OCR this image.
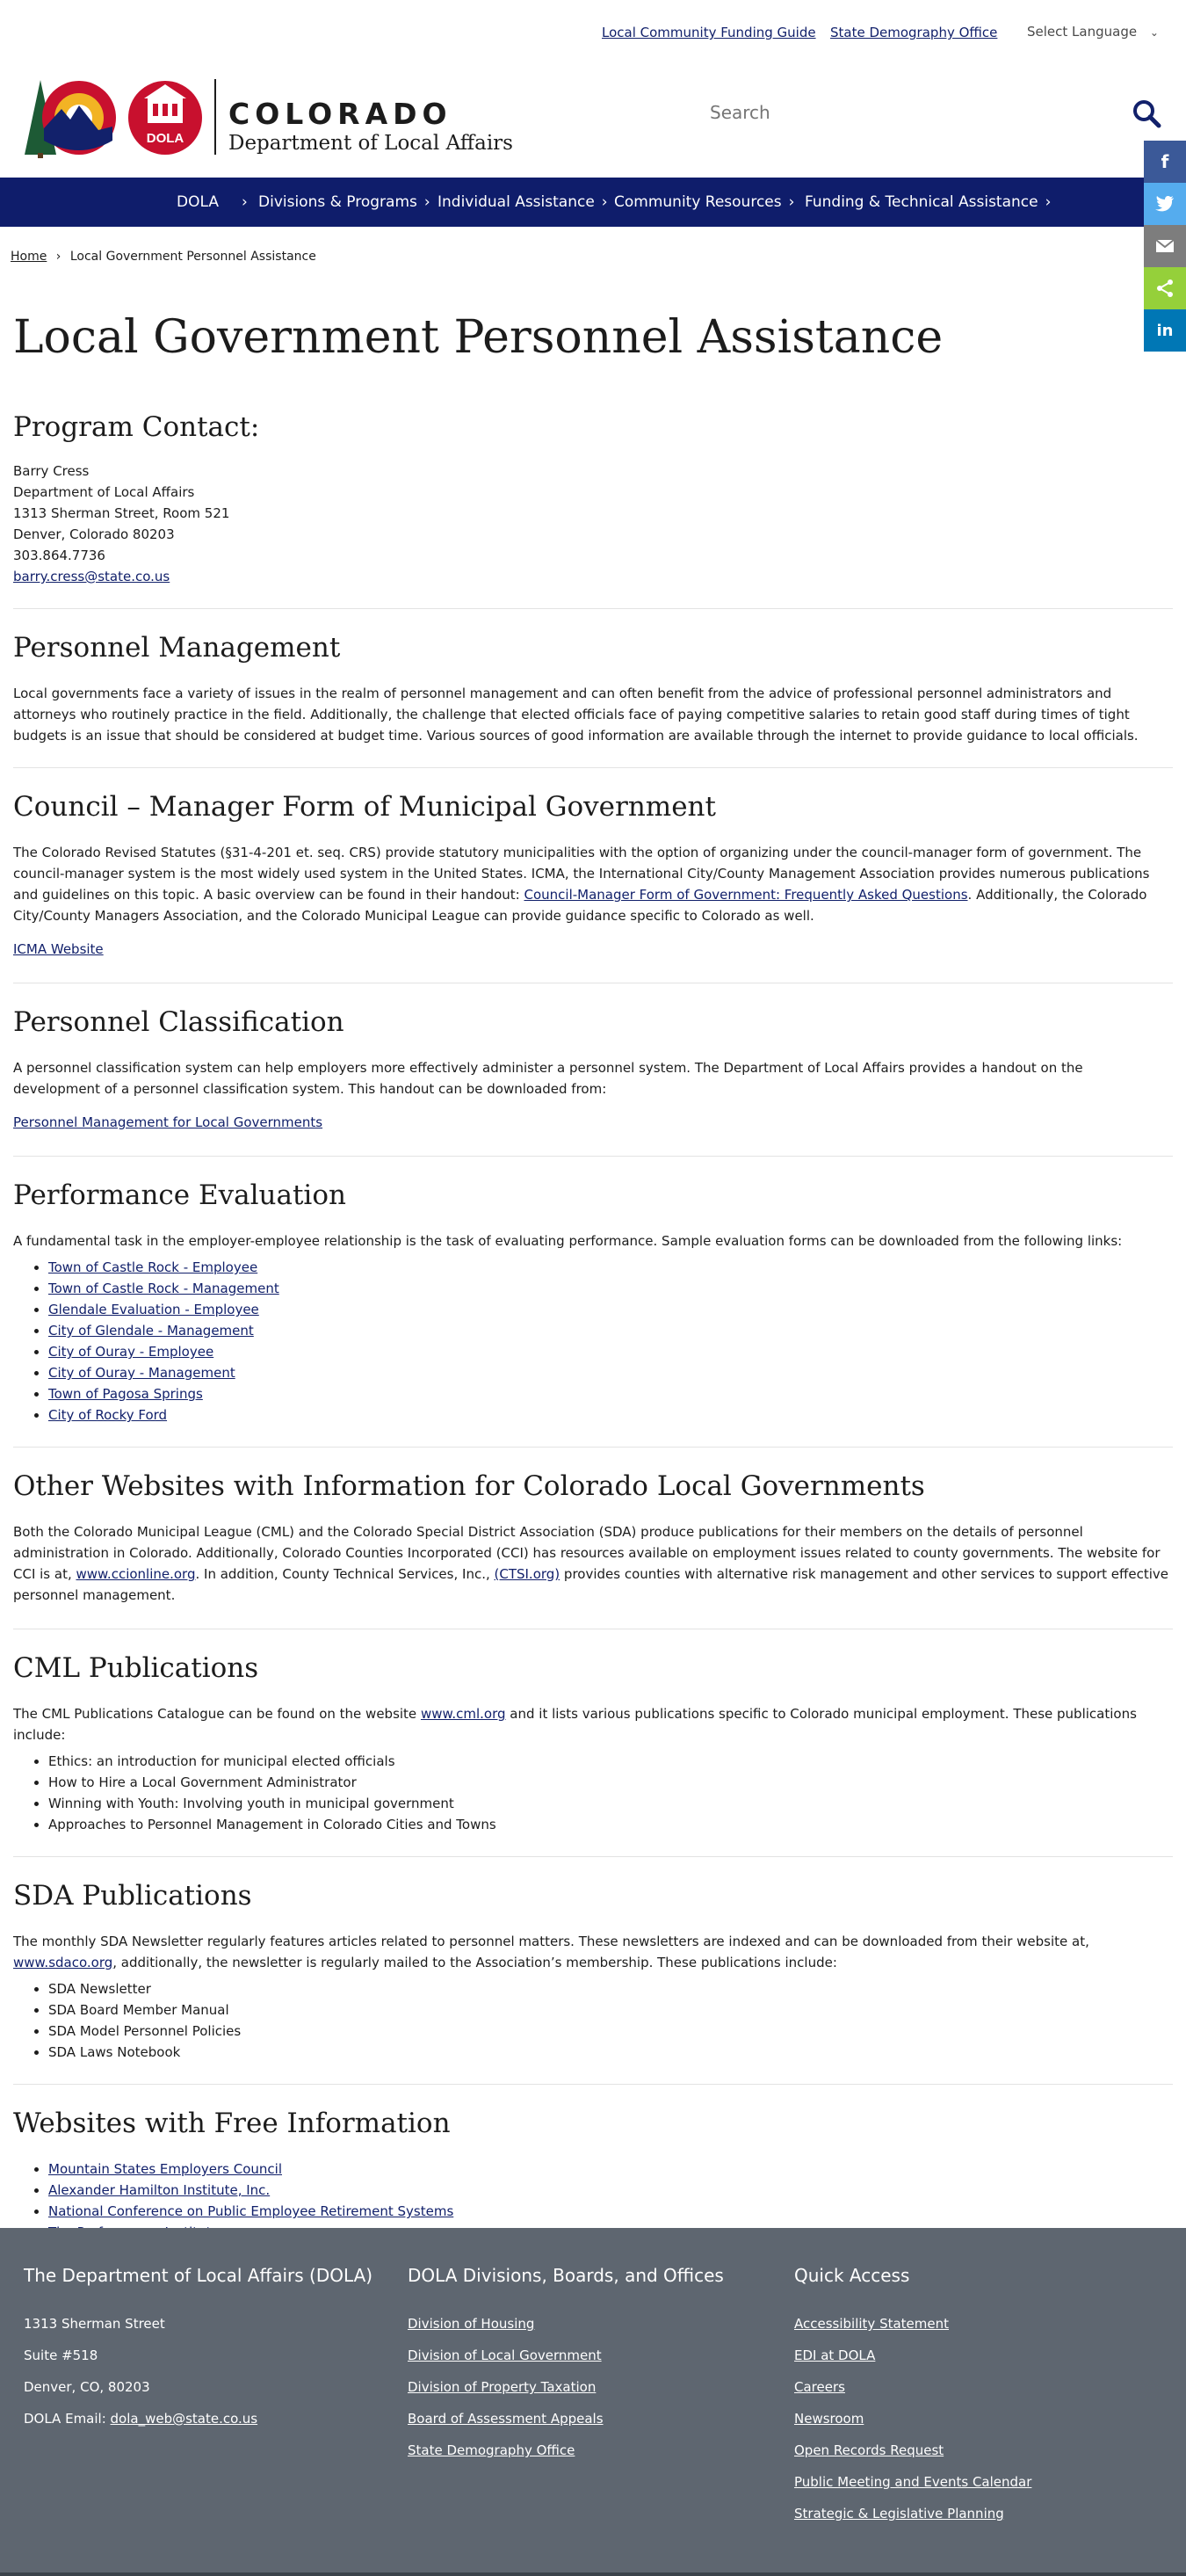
Local Community Funding Guide State Demography Office Select Language ⌄
DOLA
COLORADO
Department of Local Affairs
Search
DOLA › Divisions & Programs › Individual Assistance › Community Resources › Funding & Technical Assistance ›
f
in
Home › Local Government Personnel Assistance
Local Government Personnel Assistance
Program Contact:
Barry Cress
Department of Local Affairs
1313 Sherman Street, Room 521
Denver, Colorado 80203
303.864.7736
barry.cress@state.co.us
Personnel Management

Local governments face a variety of issues in the realm of personnel management and can often benefit from the advice of professional personnel administrators and attorneys who routinely practice in the field. Additionally, the challenge that elected officials face of paying competitive salaries to retain good staff during times of tight budgets is an issue that should be considered at budget time. Various sources of good information are available through the internet to provide guidance to local officials.

Council – Manager Form of Municipal Government

The Colorado Revised Statutes (§31-4-201 et. seq. CRS) provide statutory municipalities with the option of organizing under the council-manager form of government. The council-manager system is the most widely used system in the United States. ICMA, the International City/County Management Association provides numerous publications and guidelines on this topic. A basic overview can be found in their handout: Council-Manager Form of Government: Frequently Asked Questions. Additionally, the Colorado City/County Managers Association, and the Colorado Municipal League can provide guidance specific to Colorado as well.

ICMA Website

Personnel Classification

A personnel classification system can help employers more effectively administer a personnel system. The Department of Local Affairs provides a handout on the development of a personnel classification system. This handout can be downloaded from:

Personnel Management for Local Governments

Performance Evaluation

A fundamental task in the employer-employee relationship is the task of evaluating performance. Sample evaluation forms can be downloaded from the following links:

• Town of Castle Rock - Employee
• Town of Castle Rock - Management
• Glendale Evaluation - Employee
• City of Glendale - Management
• City of Ouray - Employee
• City of Ouray - Management
• Town of Pagosa Springs
• City of Rocky Ford
Other Websites with Information for Colorado Local Governments

Both the Colorado Municipal League (CML) and the Colorado Special District Association (SDA) produce publications for their members on the details of personnel administration in Colorado. Additionally, Colorado Counties Incorporated (CCI) has resources available on employment issues related to county governments. The website for CCI is at, www.ccionline.org. In addition, County Technical Services, Inc., (CTSI.org) provides counties with alternative risk management and other services to support effective personnel management.

CML Publications

The CML Publications Catalogue can be found on the website www.cml.org and it lists various publications specific to Colorado municipal employment. These publications include:

• Ethics: an introduction for municipal elected officials
• How to Hire a Local Government Administrator
• Winning with Youth: Involving youth in municipal government
• Approaches to Personnel Management in Colorado Cities and Towns
SDA Publications

The monthly SDA Newsletter regularly features articles related to personnel matters. These newsletters are indexed and can be downloaded from their website at, www.sdaco.org, additionally, the newsletter is regularly mailed to the Association’s membership. These publications include:

• SDA Newsletter
• SDA Board Member Manual
• SDA Model Personnel Policies
• SDA Laws Notebook
Websites with Free Information
• Mountain States Employers Council
• Alexander Hamilton Institute, Inc.
• National Conference on Public Employee Retirement Systems
•
The Department of Local Affairs (DOLA)
1313 Sherman Street
Suite #518
Denver, CO, 80203
DOLA Email: dola_web@state.co.us
DOLA Divisions, Boards, and Offices
Division of Housing
Division of Local Government
Division of Property Taxation
Board of Assessment Appeals
State Demography Office
Quick Access
Accessibility Statement
EDI at DOLA
Careers
Newsroom
Open Records Request
Public Meeting and Events Calendar
Strategic & Legislative Planning
